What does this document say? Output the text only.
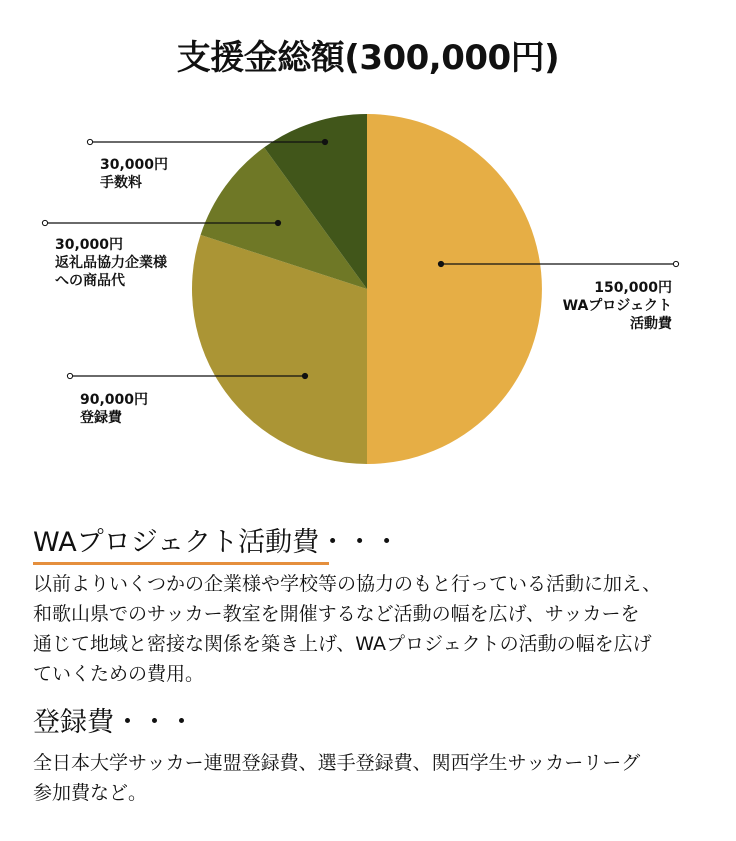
支援金総額(300,000円)
150,000円
WAプロジェクト
活動費
90,000円
登録費
30,000円
返礼品協力企業様
への商品代
30,000円
手数料
WAプロジェクト活動費・・・
以前よりいくつかの企業様や学校等の協力のもと行っている活動に加え、
和歌山県でのサッカー教室を開催するなど活動の幅を広げ、サッカーを
通じて地域と密接な関係を築き上げ、WAプロジェクトの活動の幅を広げ
ていくための費用。
登録費・・・
全日本大学サッカー連盟登録費、選手登録費、関西学生サッカーリーグ
参加費など。
